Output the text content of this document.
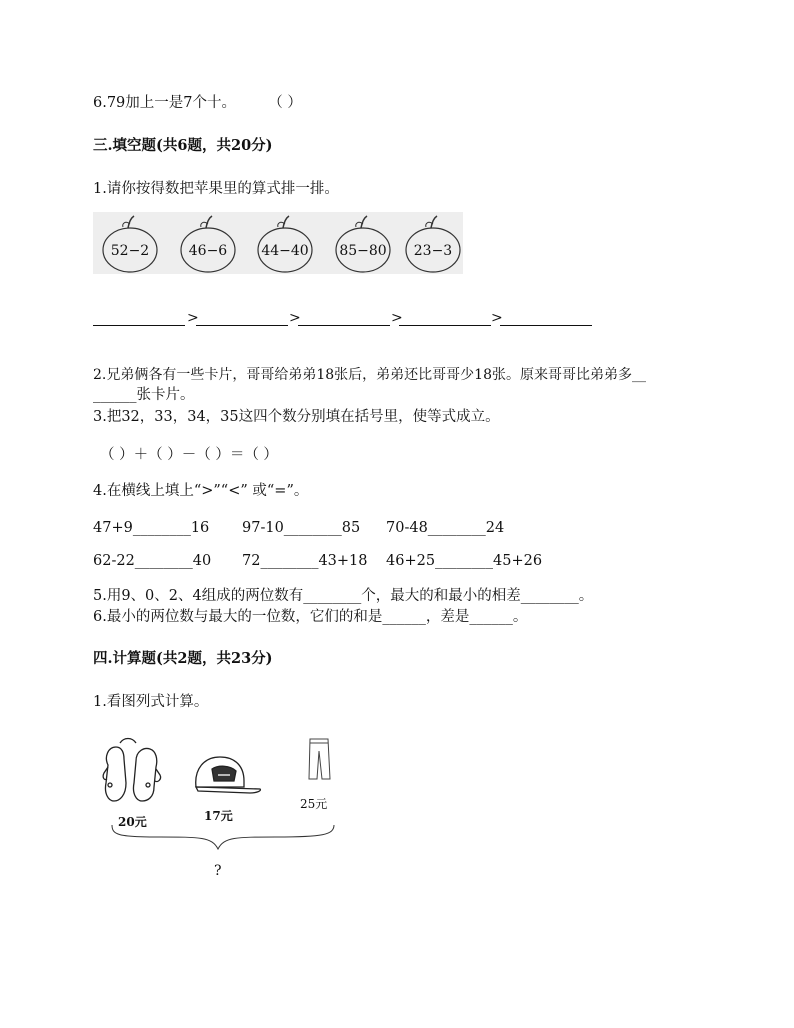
6.79加上一是7个十。       （ ）
三.填空题(共6题，共20分)
1.请你按得数把苹果里的算式排一排。
52−2	46−6	44−40	85−80	23−3
>	>	>	>
2.兄弟俩各有一些卡片，哥哥给弟弟18张后，弟弟还比哥哥少18张。原来哥哥比弟弟多__
______张卡片。
3.把32，33，34，35这四个数分别填在括号里，使等式成立。
（ ）＋（ ）－（ ）＝（ ）
4.在横线上填上“>”“<” 或“=”。
47+9________16 97-10________85 70-48________24
62-22________40 72________43+18 46+25________45+26
5.用9、0、2、4组成的两位数有________个，最大的和最小的相差________。
6.最小的两位数与最大的一位数，它们的和是______，差是______。
四.计算题(共2题，共23分)
1.看图列式计算。
20元	17元
25元
?
